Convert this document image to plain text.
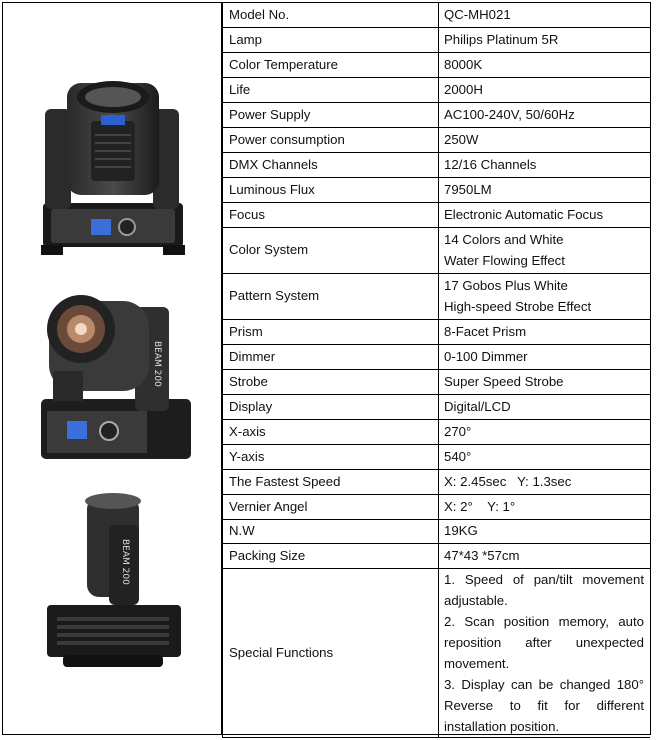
BEAM 200
BEAM 200
Model No.	QC-MH021
Lamp	Philips Platinum 5R
Color Temperature	8000K
Life	2000H
Power Supply	AC100-240V, 50/60Hz
Power consumption	250W
DMX Channels	12/16 Channels
Luminous Flux	7950LM
Focus	Electronic Automatic Focus
Color System	14 Colors and White
Water Flowing Effect

Pattern System	17 Gobos Plus White
High-speed Strobe Effect

Prism	8-Facet Prism
Dimmer	0-100 Dimmer
Strobe	Super Speed Strobe
Display	Digital/LCD
X-axis	270°
Y-axis	540°
The Fastest Speed	X: 2.45sec   Y: 1.3sec
Vernier Angel	X: 2°    Y: 1°
N.W	19KG
Packing Size	47*43 *57cm
Special Functions	1. Speed of pan/tilt movement adjustable.
2. Scan position memory, auto reposition after unexpected movement.
3. Display can be changed 180° Reverse to fit for different installation position.
